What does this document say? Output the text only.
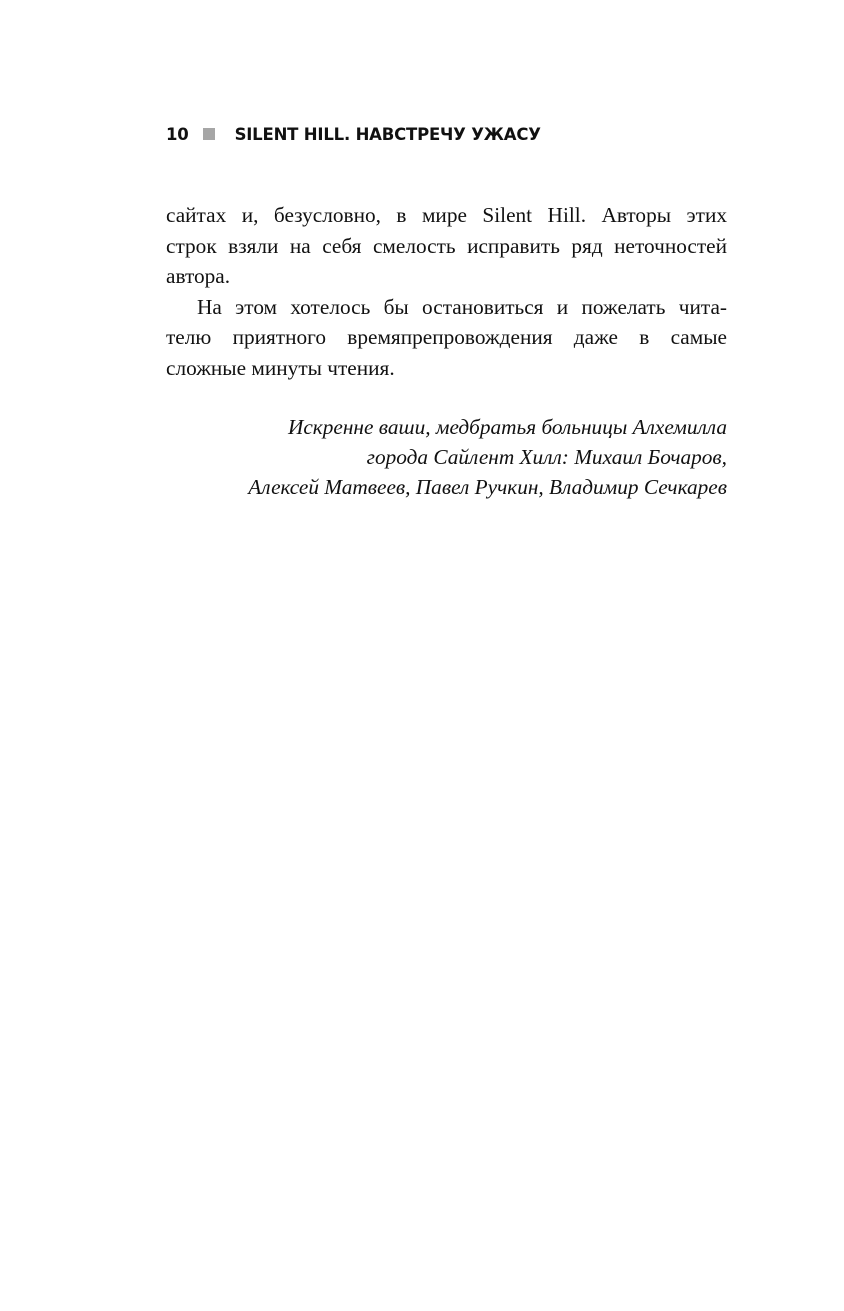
10	SILENT HILL. НАВСТРЕЧУ УЖАСУ
сайтах и, безусловно, в мире Silent Hill. Авторы этих
строк взяли на себя смелость исправить ряд неточностей
автора.
На этом хотелось бы остановиться и пожелать чита-
телю приятного времяпрепровождения даже в самые
сложные минуты чтения.
Искренне ваши, медбратья больницы Алхемилла
города Сайлент Хилл: Михаил Бочаров,
Алексей Матвеев, Павел Ручкин, Владимир Сечкарев
